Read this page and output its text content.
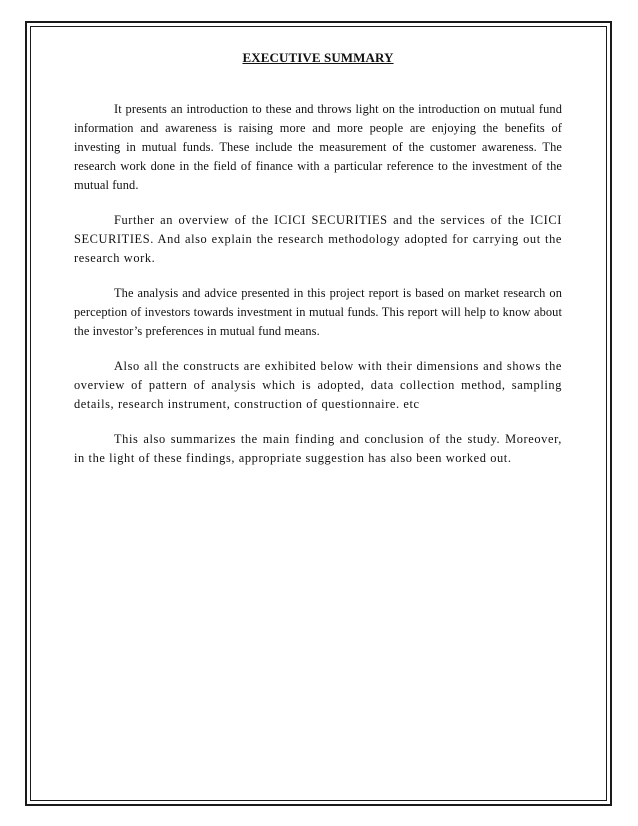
EXECUTIVE SUMMARY

It presents an introduction to these and throws light on the introduction on mutual fund information and awareness is raising more and more people are enjoying the benefits of investing in mutual funds. These include the measurement of the customer awareness. The research work done in the field of finance with a particular reference to the investment of the mutual fund.

Further an overview of the ICICI SECURITIES and the services of the ICICI SECURITIES. And also explain the research methodology adopted for carrying out the research work.

The analysis and advice presented in this project report is based on market research on perception of investors towards investment in mutual funds. This report will help to know about the investor’s preferences in mutual fund means.

Also all the constructs are exhibited below with their dimensions and shows the overview of pattern of analysis which is adopted, data collection method, sampling details, research instrument, construction of questionnaire. etc

This also summarizes the main finding and conclusion of the study. Moreover, in the light of these findings, appropriate suggestion has also been worked out.
